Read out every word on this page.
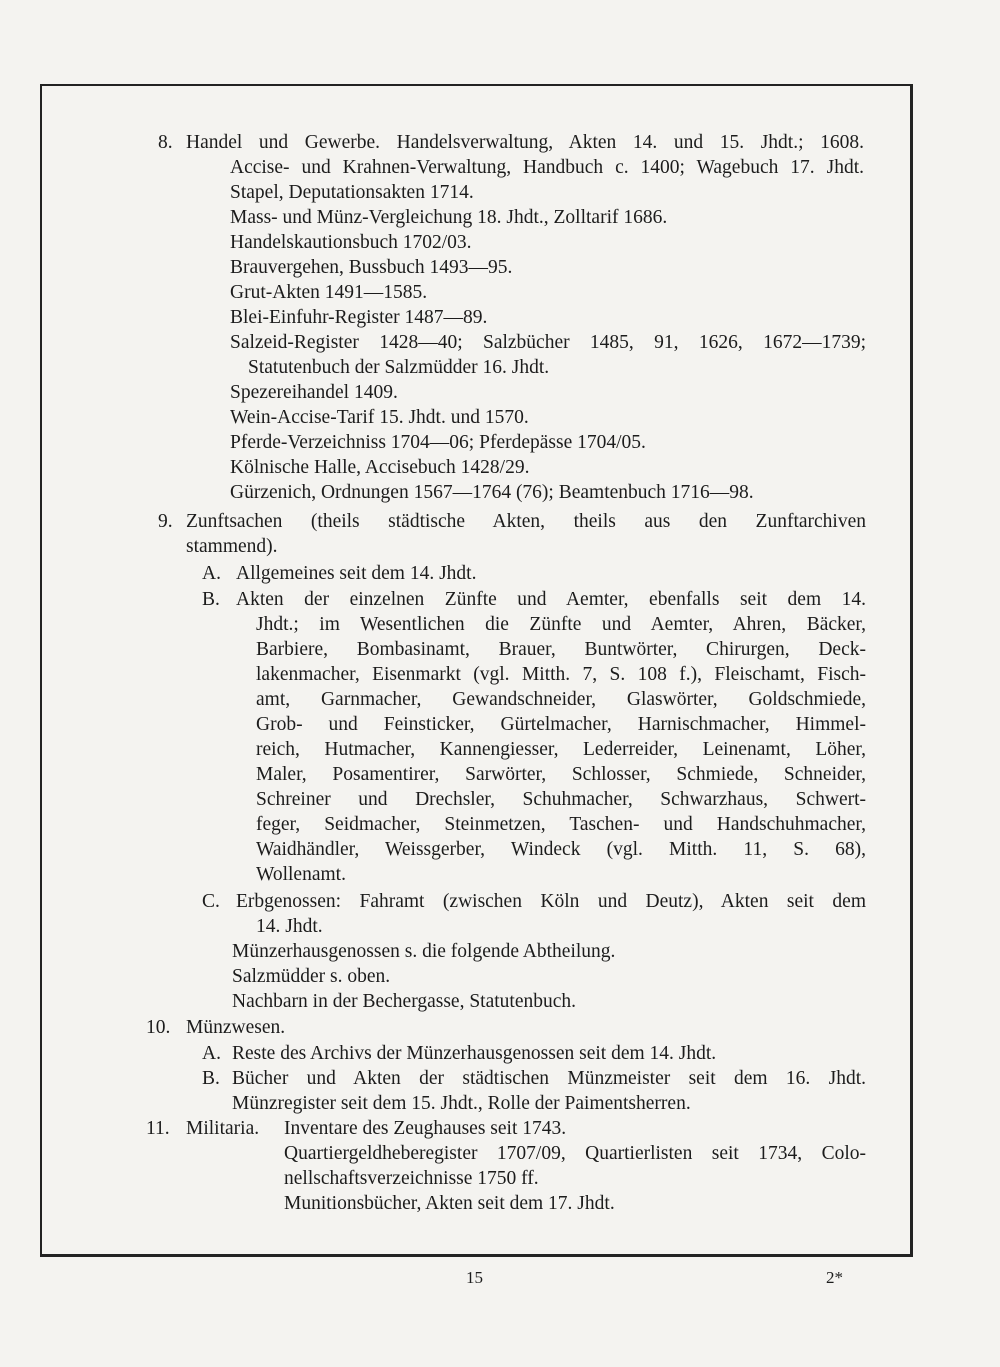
8. Handel und Gewerbe. Handelsverwaltung, Akten 14. und 15. Jhdt.; 1608.
Accise- und Krahnen-Verwaltung, Handbuch c. 1400; Wagebuch 17. Jhdt.
Stapel, Deputationsakten 1714.
Mass- und Münz-Vergleichung 18. Jhdt., Zolltarif 1686.
Handelskautionsbuch 1702/03.
Brauvergehen, Bussbuch 1493—95.
Grut-Akten 1491—1585.
Blei-Einfuhr-Register 1487—89.
Salzeid-Register 1428—40; Salzbücher 1485, 91, 1626, 1672—1739;
Statutenbuch der Salzmüdder 16. Jhdt.
Spezereihandel 1409.
Wein-Accise-Tarif 15. Jhdt. und 1570.
Pferde-Verzeichniss 1704—06; Pferdepässe 1704/05.
Kölnische Halle, Accisebuch 1428/29.
Gürzenich, Ordnungen 1567—1764 (76); Beamtenbuch 1716—98.
9. Zunftsachen (theils städtische Akten, theils aus den Zunftarchiven
stammend).
A. Allgemeines seit dem 14. Jhdt.
B. Akten der einzelnen Zünfte und Aemter, ebenfalls seit dem 14.
Jhdt.; im Wesentlichen die Zünfte und Aemter, Ahren, Bäcker,
Barbiere, Bombasinamt, Brauer, Buntwörter, Chirurgen, Deck-
lakenmacher, Eisenmarkt (vgl. Mitth. 7, S. 108 f.), Fleischamt, Fisch-
amt, Garnmacher, Gewandschneider, Glaswörter, Goldschmiede,
Grob- und Feinsticker, Gürtelmacher, Harnischmacher, Himmel-
reich, Hutmacher, Kannengiesser, Lederreider, Leinenamt, Löher,
Maler, Posamentirer, Sarwörter, Schlosser, Schmiede, Schneider,
Schreiner und Drechsler, Schuhmacher, Schwarzhaus, Schwert-
feger, Seidmacher, Steinmetzen, Taschen- und Handschuhmacher,
Waidhändler, Weissgerber, Windeck (vgl. Mitth. 11, S. 68),
Wollenamt.
C. Erbgenossen: Fahramt (zwischen Köln und Deutz), Akten seit dem
14. Jhdt.
Münzerhausgenossen s. die folgende Abtheilung.
Salzmüdder s. oben.
Nachbarn in der Bechergasse, Statutenbuch.
10. Münzwesen.
A. Reste des Archivs der Münzerhausgenossen seit dem 14. Jhdt.
B. Bücher und Akten der städtischen Münzmeister seit dem 16. Jhdt.
Münzregister seit dem 15. Jhdt., Rolle der Paimentsherren.
11. Militaria. Inventare des Zeughauses seit 1743.
Quartiergeldheberegister 1707/09, Quartierlisten seit 1734, Colo-
nellschaftsverzeichnisse 1750 ff.
Munitionsbücher, Akten seit dem 17. Jhdt.
15	2*
